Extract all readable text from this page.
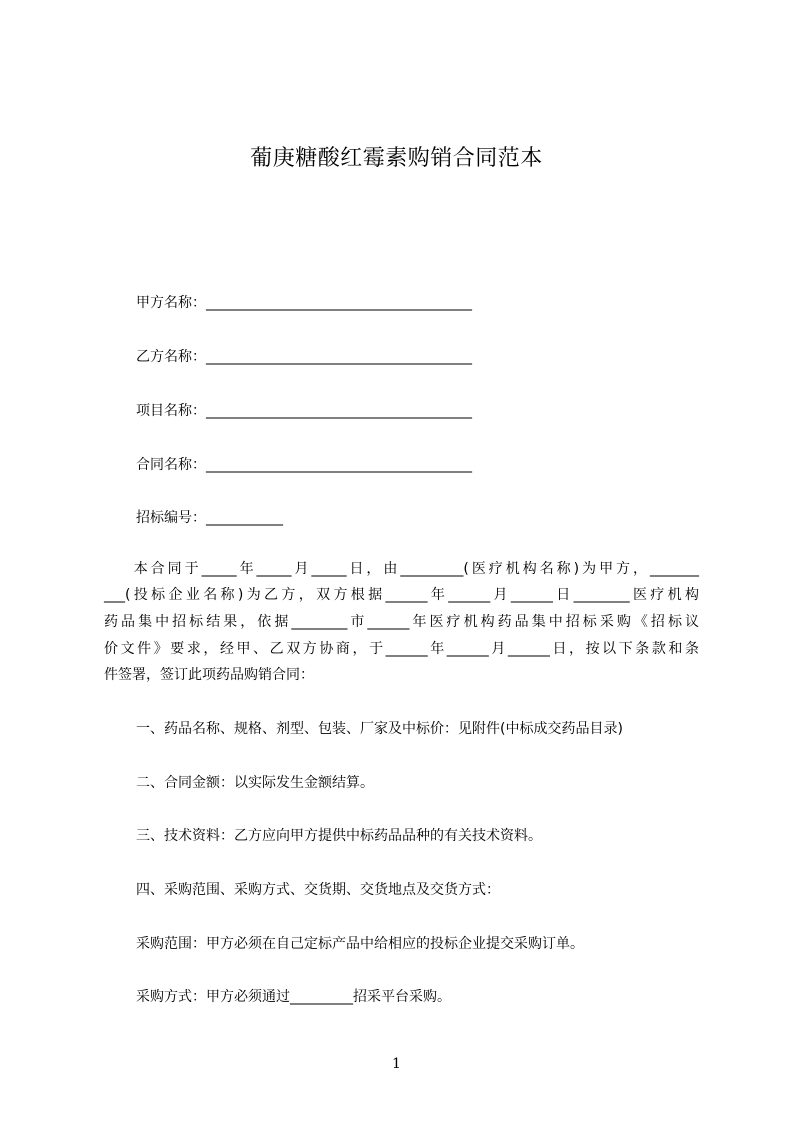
葡庚糖酸红霉素购销合同范本
甲方名称：______________________________________
乙方名称：______________________________________
项目名称：______________________________________
合同名称：______________________________________
招标编号：___________
本合同于_____年_____月_____日，由_________(医疗机构名称)为甲方，_______
___(投标企业名称)为乙方，双方根据______年______月______日________医疗机构
药品集中招标结果，依据________市______年医疗机构药品集中招标采购《招标议
价文件》要求，经甲、乙双方协商，于______年______月______日，按以下条款和条
件签署，签订此项药品购销合同：
一、药品名称、规格、剂型、包装、厂家及中标价：见附件(中标成交药品目录)
二、合同金额：以实际发生金额结算。
三、技术资料：乙方应向甲方提供中标药品品种的有关技术资料。
四、采购范围、采购方式、交货期、交货地点及交货方式：
采购范围：甲方必须在自己定标产品中给相应的投标企业提交采购订单。
采购方式：甲方必须通过_________招采平台采购。
1
